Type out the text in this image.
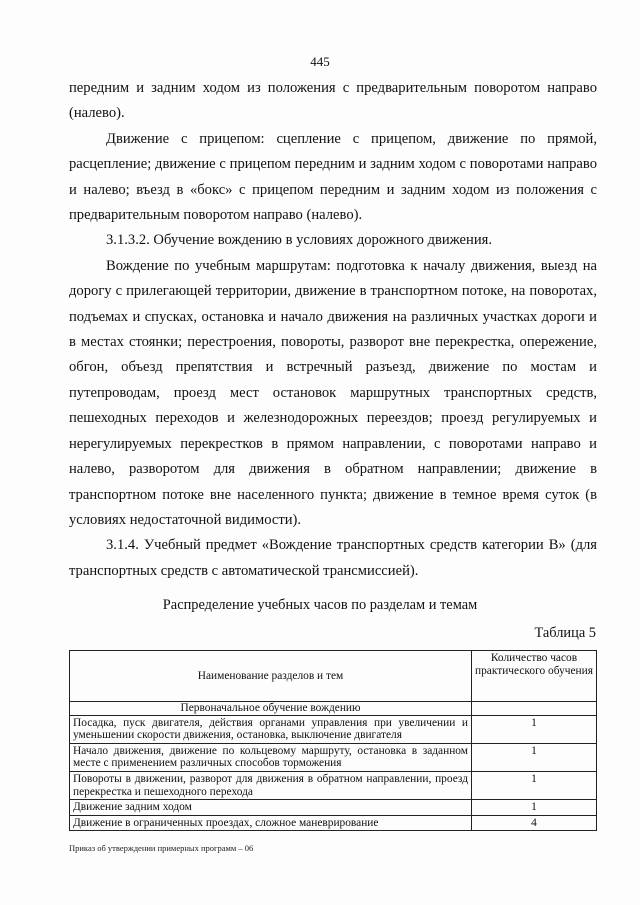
445

передним и задним ходом из положения с предварительным поворотом направо (налево).

Движение с прицепом: сцепление с прицепом, движение по прямой, расцепление; движение с прицепом передним и задним ходом с поворотами направо и налево; въезд в «бокс» с прицепом передним и задним ходом из положения с предварительным поворотом направо (налево).

3.1.3.2. Обучение вождению в условиях дорожного движения.

Вождение по учебным маршрутам: подготовка к началу движения, выезд на дорогу с прилегающей территории, движение в транспортном потоке, на поворотах, подъемах и спусках, остановка и начало движения на различных участках дороги и в местах стоянки; перестроения, повороты, разворот вне перекрестка, опережение, обгон, объезд препятствия и встречный разъезд, движение по мостам и путепроводам, проезд мест остановок маршрутных транспортных средств, пешеходных переходов и железнодорожных переездов; проезд регулируемых и нерегулируемых перекрестков в прямом направлении, с поворотами направо и налево, разворотом для движения в обратном направлении; движение в транспортном потоке вне населенного пункта; движение в темное время суток (в условиях недостаточной видимости).

3.1.4. Учебный предмет «Вождение транспортных средств категории В» (для транспортных средств с автоматической трансмиссией).

Распределение учебных часов по разделам и темам
Таблица 5
Наименование разделов и тем	Количество часов практического обучения
Первоначальное обучение вождению	
Посадка, пуск двигателя, действия органами управления при увеличении и уменьшении скорости движения, остановка, выключение двигателя	1
Начало движения, движение по кольцевому маршруту, остановка в заданном месте с применением различных способов торможения	1
Повороты в движении, разворот для движения в обратном направлении, проезд перекрестка и пешеходного перехода	1
Движение задним ходом	1
Движение в ограниченных проездах, сложное маневрирование	4
Приказ об утверждении примерных программ – 06
